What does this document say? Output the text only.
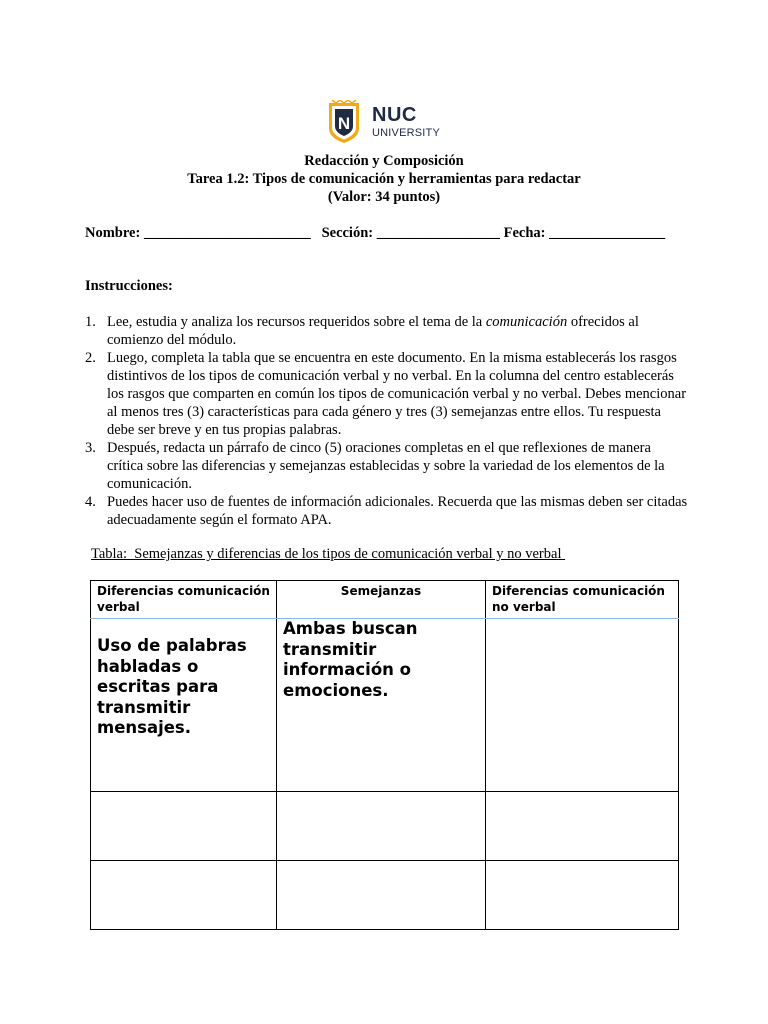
N NUC
UNIVERSITY
Redacción y Composición
Tarea 1.2: Tipos de comunicación y herramientas para redactar
(Valor: 34 puntos)
Nombre: _______________________ Sección: _________________ Fecha: ________________
Instrucciones:
1. Lee, estudia y analiza los recursos requeridos sobre el tema de la comunicación ofrecidos al comienzo del módulo.
2. Luego, completa la tabla que se encuentra en este documento. En la misma establecerás los rasgos distintivos de los tipos de comunicación verbal y no verbal. En la columna del centro establecerás los rasgos que comparten en común los tipos de comunicación verbal y no verbal. Debes mencionar al menos tres (3) características para cada género y tres (3) semejanzas entre ellos. Tu respuesta debe ser breve y en tus propias palabras.
3. Después, redacta un párrafo de cinco (5) oraciones completas en el que reflexiones de manera crítica sobre las diferencias y semejanzas establecidas y sobre la variedad de los elementos de la comunicación.
4. Puedes hacer uso de fuentes de información adicionales. Recuerda que las mismas deben ser citadas adecuadamente según el formato APA.
Tabla:  Semejanzas y diferencias de los tipos de comunicación verbal y no verbal
Diferencias comunicación verbal	Semejanzas	Diferencias comunicación no verbal

Uso de palabras habladas o escritas para transmitir mensajes.	Ambas buscan transmitir información o emociones.	
